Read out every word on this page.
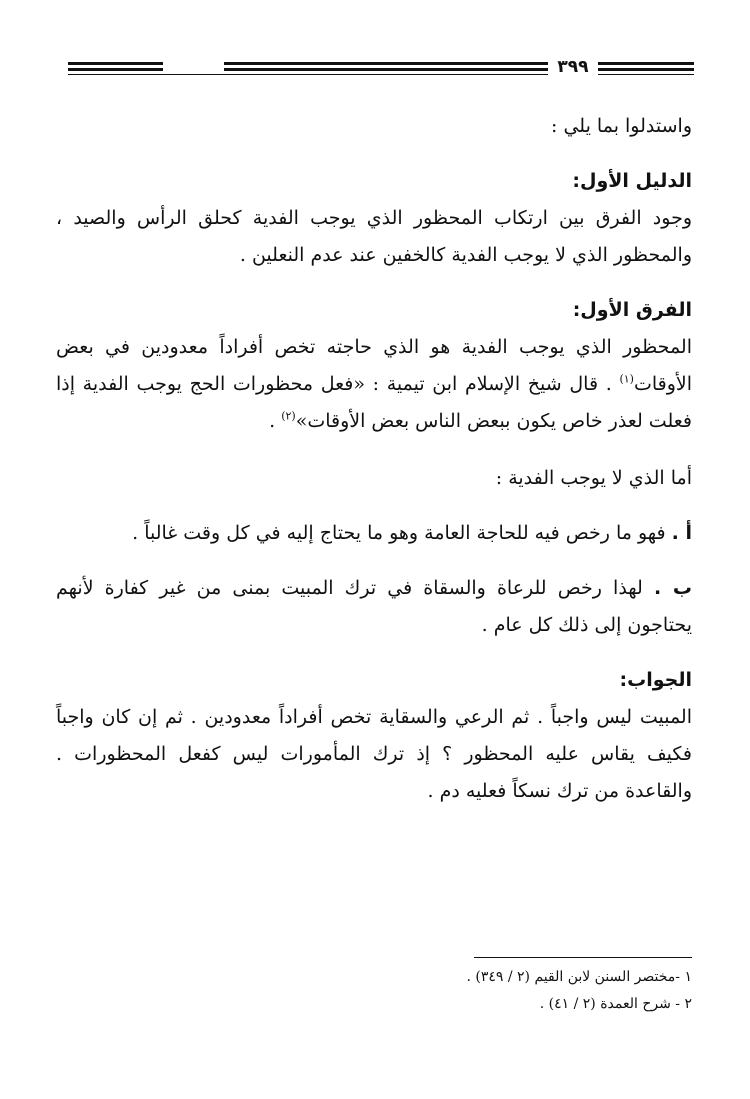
٣٩٩

واستدلوا بما يلي :

الدليل الأول:

وجود الفرق بين ارتكاب المحظور الذي يوجب الفدية كحلق الرأس والصيد ، والمحظور الذي لا يوجب الفدية كالخفين عند عدم النعلين .

الفرق الأول:

المحظور الذي يوجب الفدية هو الذي حاجته تخص أفراداً معدودين في بعض الأوقات$^{(١)}$ . قال شيخ الإسلام ابن تيمية : «فعل محظورات الحج يوجب الفدية إذا فعلت لعذر خاص يكون ببعض الناس بعض الأوقات»$^{(٢)}$ .

أما الذي لا يوجب الفدية :

أ . فهو ما رخص فيه للحاجة العامة وهو ما يحتاج إليه في كل وقت غالباً .

ب . لهذا رخص للرعاة والسقاة في ترك المبيت بمنى من غير كفارة لأنهم يحتاجون إلى ذلك كل عام .

الجواب:

المبيت ليس واجباً . ثم الرعي والسقاية تخص أفراداً معدودين . ثم إن كان واجباً فكيف يقاس عليه المحظور ؟ إذ ترك المأمورات ليس كفعل المحظورات . والقاعدة من ترك نسكاً فعليه دم .

١ -مختصر السنن لابن القيم (٢ / ٣٤٩) .

٢ - شرح العمدة (٢ / ٤١) .
